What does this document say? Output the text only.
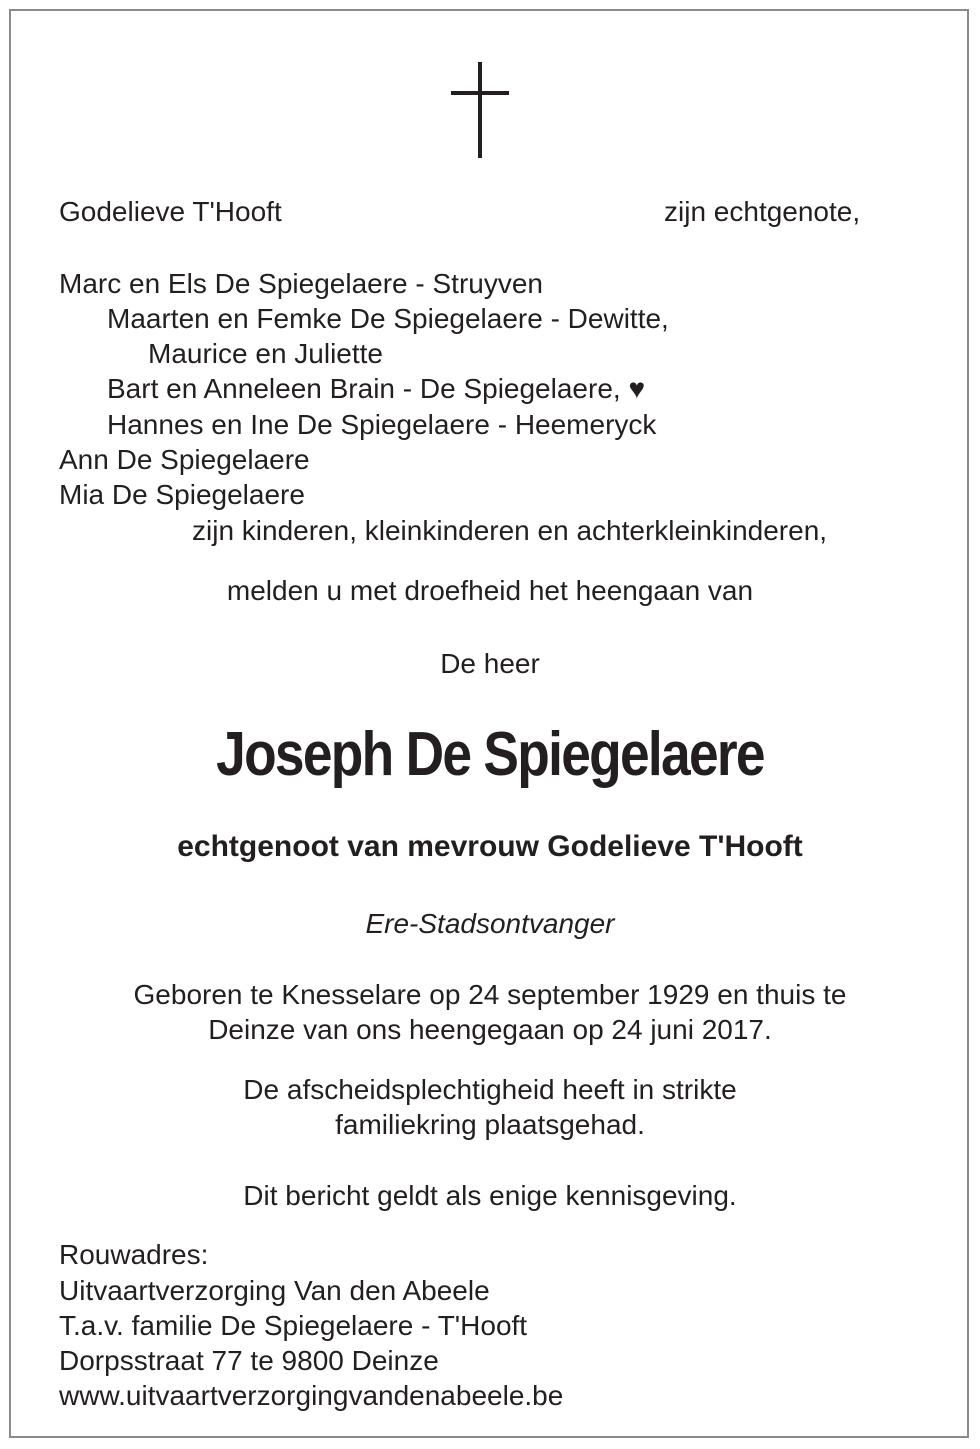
Godelieve T'Hooft	zijn echtgenote,
Marc en Els De Spiegelaere - Struyven
Maarten en Femke De Spiegelaere - Dewitte,
Maurice en Juliette
Bart en Anneleen Brain - De Spiegelaere, ♥
Hannes en Ine De Spiegelaere - Heemeryck
Ann De Spiegelaere
Mia De Spiegelaere
zijn kinderen, kleinkinderen en achterkleinkinderen,
melden u met droefheid het heengaan van
De heer
Joseph De Spiegelaere
echtgenoot van mevrouw Godelieve T'Hooft
Ere-Stadsontvanger
Geboren te Knesselare op 24 september 1929 en thuis te
Deinze van ons heengegaan op 24 juni 2017.
De afscheidsplechtigheid heeft in strikte
familiekring plaatsgehad.
Dit bericht geldt als enige kennisgeving.
Rouwadres:
Uitvaartverzorging Van den Abeele
T.a.v. familie De Spiegelaere - T'Hooft
Dorpsstraat 77 te 9800 Deinze
www.uitvaartverzorgingvandenabeele.be
